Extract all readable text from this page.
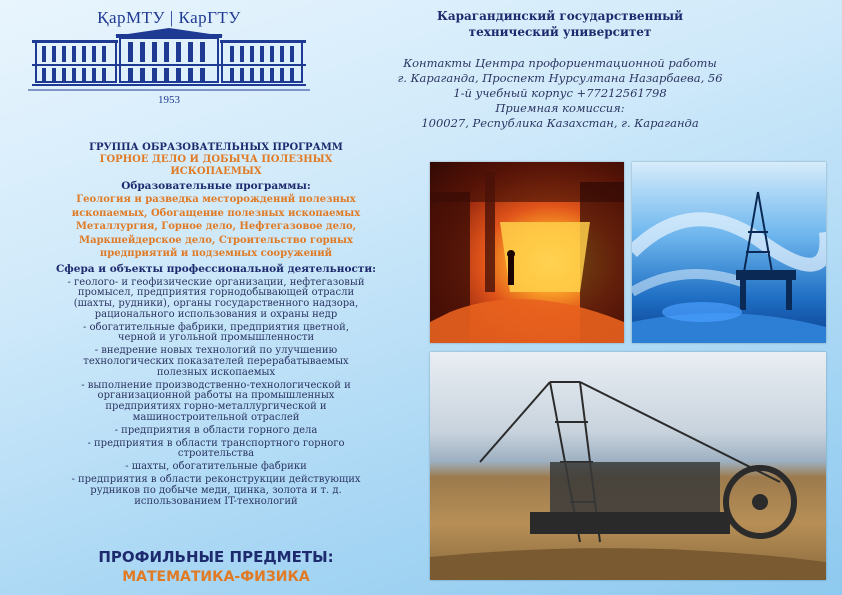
ҚарМТУ | КарГТУ
1953
Карагандинский государственный
технический университет
Контакты Центра профориентационной работы
г. Караганда, Проспект Нурсултана Назарбаева, 56
1-й учебный корпус +77212561798
Приемная комиссия:
100027, Республика Казахстан, г. Караганда
ГРУППА ОБРАЗОВАТЕЛЬНЫХ ПРОГРАММ
ГОРНОЕ ДЕЛО И ДОБЫЧА ПОЛЕЗНЫХ
ИСКОПАЕМЫХ
Образовательные программы:
Геология и разведка месторождений полезных
ископаемых, Обогащение полезных ископаемых
Металлургия, Горное дело, Нефтегазовое дело,
Маркшейдерское дело, Строительство горных
предприятий и подземных сооружений
Сфера и объекты профессиональной деятельности:
- геолого- и геофизические организации, нефтегазовый
промысел, предприятия горнодобывающей отрасли
(шахты, рудники), органы государственного надзора,
рационального использования и охраны недр
- обогатительные фабрики, предприятия цветной,
черной и угольной промышленности
- внедрение новых технологий по улучшению
технологических показателей перерабатываемых
полезных ископаемых
- выполнение производственно-технологической и
организационной работы на промышленных
предприятиях горно-металлургической и
машиностроительной отраслей
- предприятия в области горного дела
- предприятия в области транспортного горного
строительства
- шахты, обогатительные фабрики
- предприятия в области реконструкции действующих
рудников по добыче меди, цинка, золота и т. д.
использованием IT-технологий
ПРОФИЛЬНЫЕ ПРЕДМЕТЫ:
МАТЕМАТИКА-ФИЗИКА
